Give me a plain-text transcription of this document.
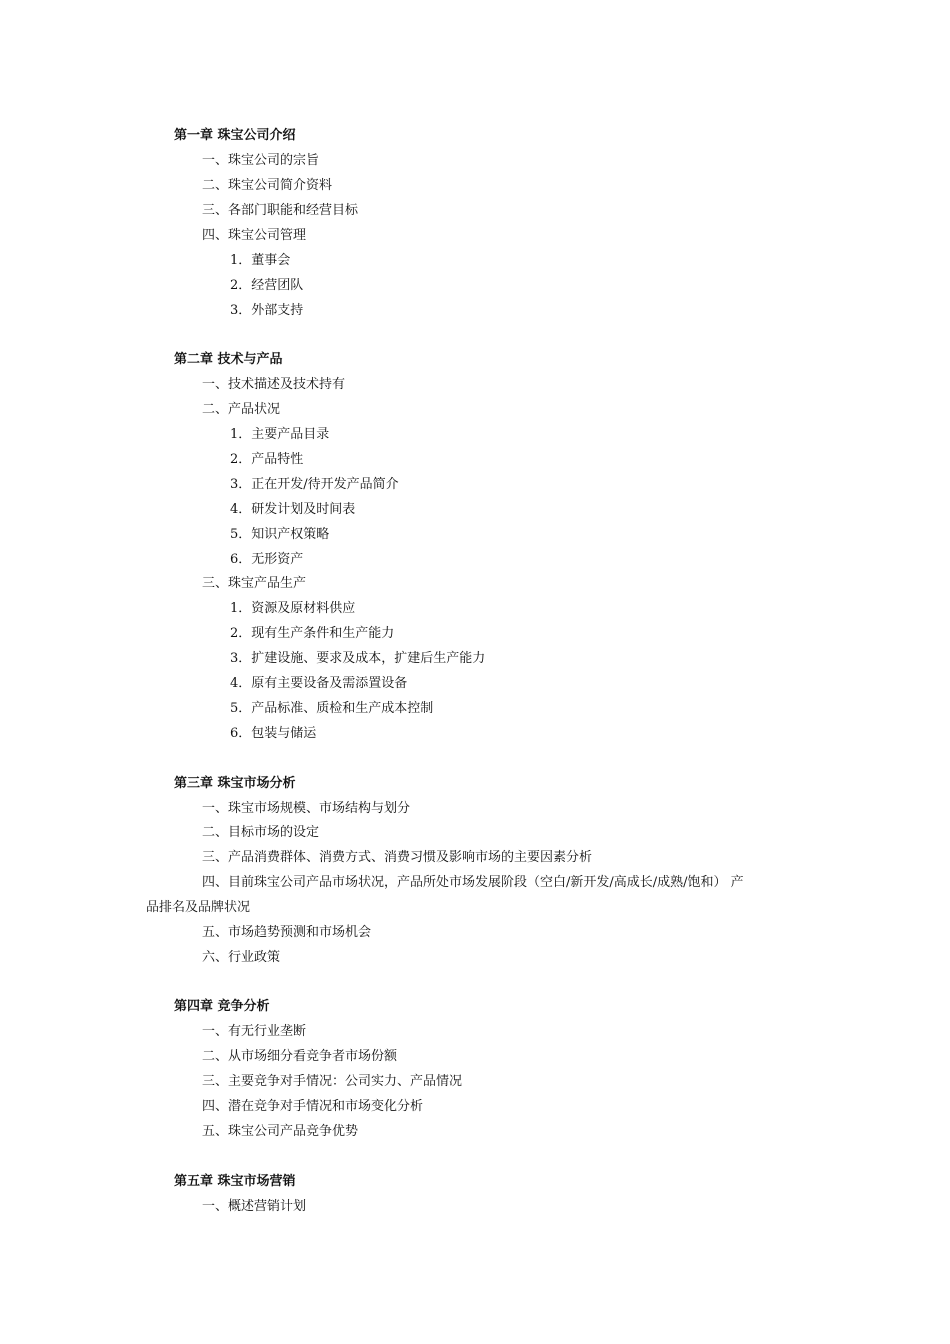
第一章 珠宝公司介绍
一、珠宝公司的宗旨
二、珠宝公司简介资料
三、各部门职能和经营目标
四、珠宝公司管理
1．董事会
2．经营团队
3．外部支持
第二章 技术与产品
一、技术描述及技术持有
二、产品状况
1．主要产品目录
2．产品特性
3．正在开发/待开发产品简介
4．研发计划及时间表
5．知识产权策略
6．无形资产
三、珠宝产品生产
1．资源及原材料供应
2．现有生产条件和生产能力
3．扩建设施、要求及成本，扩建后生产能力
4．原有主要设备及需添置设备
5．产品标准、质检和生产成本控制
6．包装与储运
第三章 珠宝市场分析
一、珠宝市场规模、市场结构与划分
二、目标市场的设定
三、产品消费群体、消费方式、消费习惯及影响市场的主要因素分析
四、目前珠宝公司产品市场状况，产品所处市场发展阶段（空白/新开发/高成长/成熟/饱和） 产
品排名及品牌状况
五、市场趋势预测和市场机会
六、行业政策
第四章 竞争分析
一、有无行业垄断
二、从市场细分看竞争者市场份额
三、主要竞争对手情况：公司实力、产品情况
四、潜在竞争对手情况和市场变化分析
五、珠宝公司产品竞争优势
第五章 珠宝市场营销
一、概述营销计划
